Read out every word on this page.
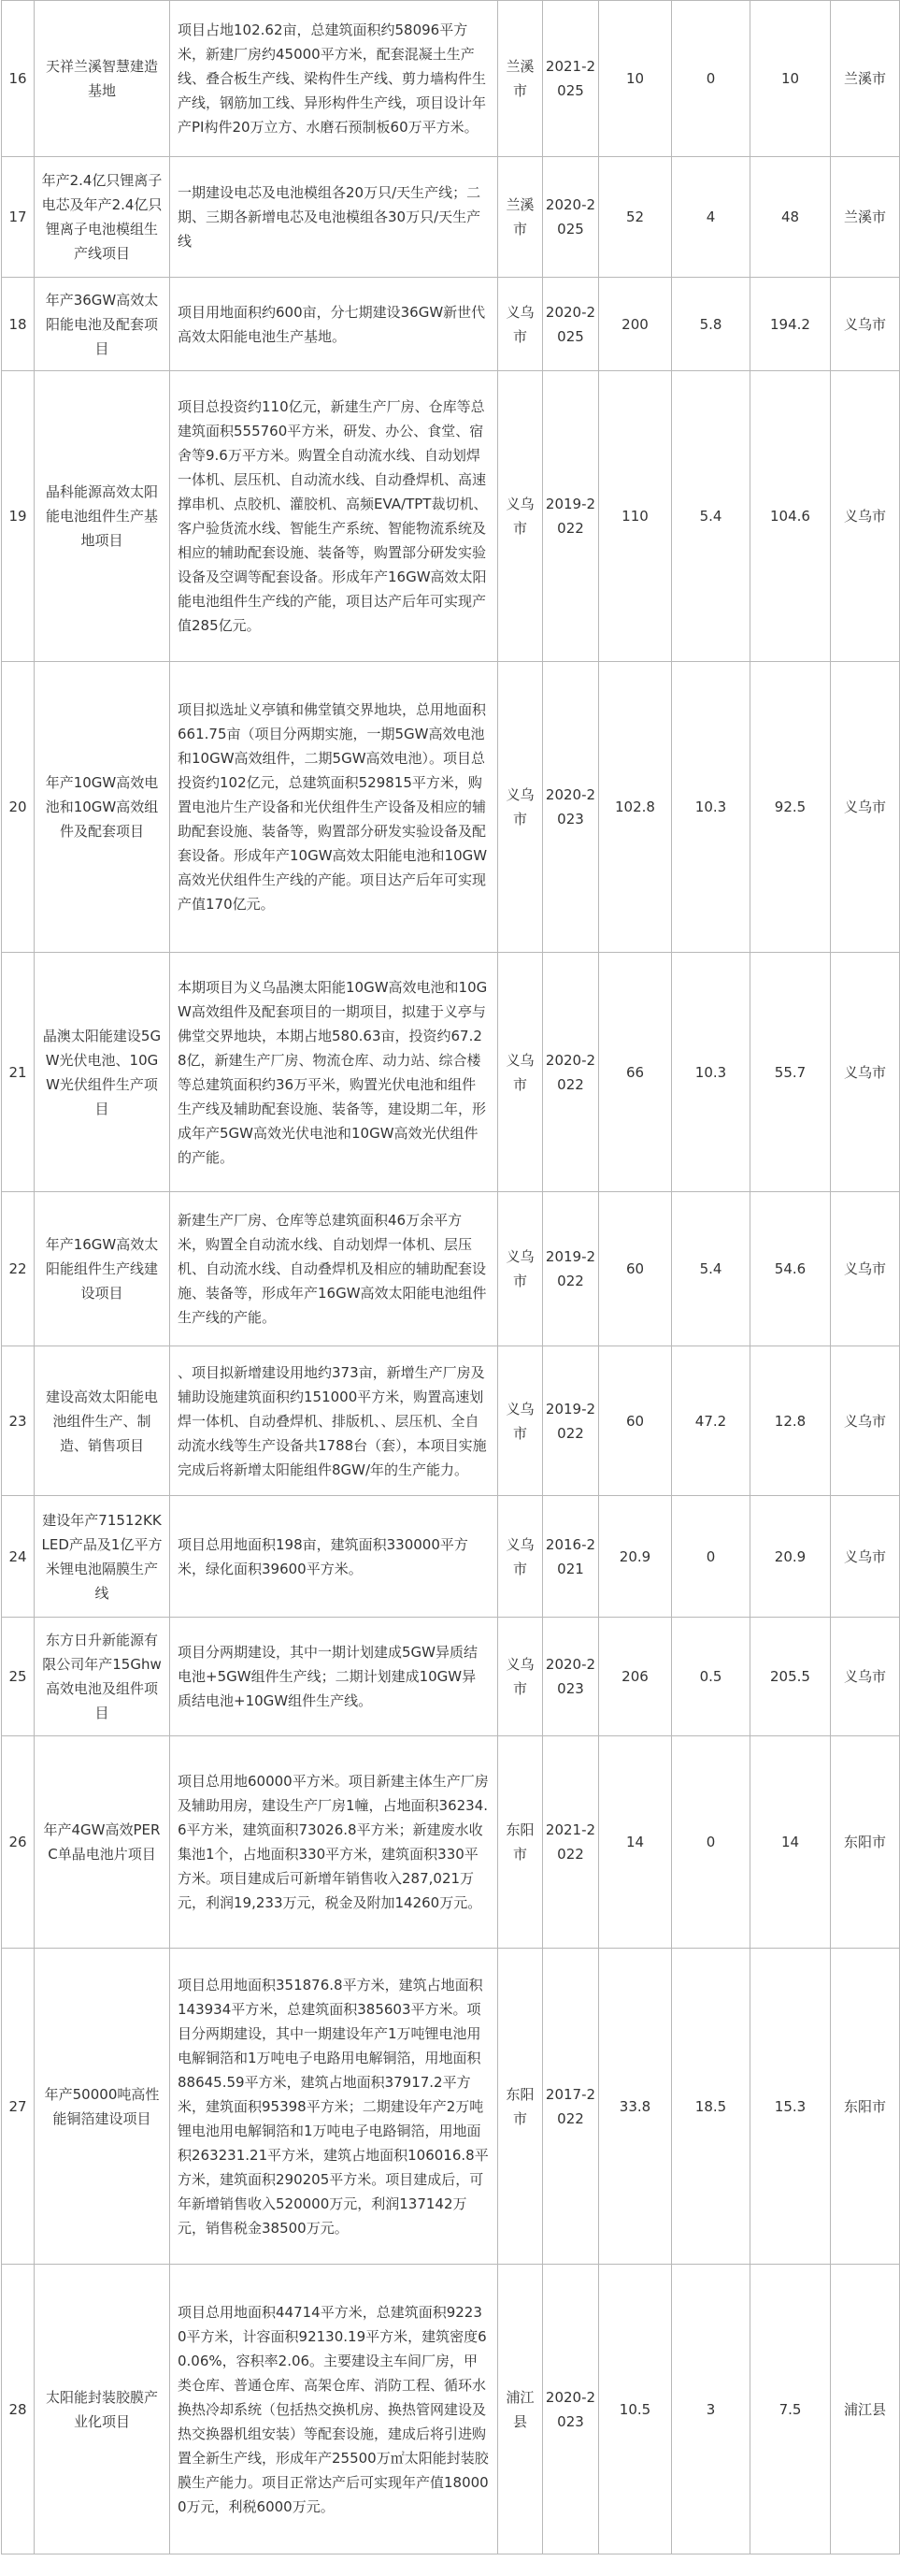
16	天祥兰溪智慧建造基地	项目占地102.62亩，总建筑面积约58096平方米，新建厂房约45000平方米，配套混凝土生产线、叠合板生产线、梁构件生产线、剪力墙构件生产线，钢筋加工线、异形构件生产线，项目设计年产PI构件20万立方、水磨石预制板60万平方米。	兰溪市	2021-2025	10	0	10	兰溪市
17	年产2.4亿只锂离子电芯及年产2.4亿只锂离子电池模组生产线项目	一期建设电芯及电池模组各20万只/天生产线；二期、三期各新增电芯及电池模组各30万只/天生产线	兰溪市	2020-2025	52	4	48	兰溪市
18	年产36GW高效太阳能电池及配套项目	项目用地面积约600亩，分七期建设36GW新世代高效太阳能电池生产基地。	义乌市	2020-2025	200	5.8	194.2	义乌市
19	晶科能源高效太阳能电池组件生产基地项目	项目总投资约110亿元，新建生产厂房、仓库等总建筑面积555760平方米，研发、办公、食堂、宿舍等9.6万平方米。购置全自动流水线、自动划焊一体机、层压机、自动流水线、自动叠焊机、高速撑串机、点胶机、灌胶机、高频EVA/TPT裁切机、客户验货流水线、智能生产系统、智能物流系统及相应的辅助配套设施、装备等，购置部分研发实验设备及空调等配套设备。形成年产16GW高效太阳能电池组件生产线的产能，项目达产后年可实现产值285亿元。	义乌市	2019-2022	110	5.4	104.6	义乌市
20	年产10GW高效电池和10GW高效组件及配套项目	项目拟选址义亭镇和佛堂镇交界地块，总用地面积661.75亩（项目分两期实施，一期5GW高效电池和10GW高效组件，二期5GW高效电池）。项目总投资约102亿元，总建筑面积529815平方米，购置电池片生产设备和光伏组件生产设备及相应的辅助配套设施、装备等，购置部分研发实验设备及配套设备。形成年产10GW高效太阳能电池和10GW高效光伏组件生产线的产能。项目达产后年可实现产值170亿元。	义乌市	2020-2023	102.8	10.3	92.5	义乌市
21	晶澳太阳能建设5GW光伏电池、10GW光伏组件生产项目	本期项目为义乌晶澳太阳能10GW高效电池和10GW高效组件及配套项目的一期项目，拟建于义亭与佛堂交界地块，本期占地580.63亩，投资约67.28亿，新建生产厂房、物流仓库、动力站、综合楼等总建筑面积约36万平米，购置光伏电池和组件生产线及辅助配套设施、装备等，建设期二年，形成年产5GW高效光伏电池和10GW高效光伏组件的产能。	义乌市	2020-2022	66	10.3	55.7	义乌市
22	年产16GW高效太阳能组件生产线建设项目	新建生产厂房、仓库等总建筑面积46万余平方米，购置全自动流水线、自动划焊一体机、层压机、自动流水线、自动叠焊机及相应的辅助配套设施、装备等，形成年产16GW高效太阳能电池组件生产线的产能。	义乌市	2019-2022	60	5.4	54.6	义乌市
23	建设高效太阳能电池组件生产、制造、销售项目	、项目拟新增建设用地约373亩，新增生产厂房及辅助设施建筑面积约151000平方米，购置高速划焊一体机、自动叠焊机、排版机、、层压机、全自动流水线等生产设备共1788台（套），本项目实施完成后将新增太阳能组件8GW/年的生产能力。	义乌市	2019-2022	60	47.2	12.8	义乌市
24	建设年产71512KKLED产品及1亿平方米锂电池隔膜生产线	项目总用地面积198亩，建筑面积330000平方米，绿化面积39600平方米。	义乌市	2016-2021	20.9	0	20.9	义乌市
25	东方日升新能源有限公司年产15Ghw高效电池及组件项目	项目分两期建设，其中一期计划建成5GW异质结电池+5GW组件生产线；二期计划建成10GW异质结电池+10GW组件生产线。	义乌市	2020-2023	206	0.5	205.5	义乌市
26	年产4GW高效PERC单晶电池片项目	项目总用地60000平方米。项目新建主体生产厂房及辅助用房，建设生产厂房1幢，占地面积36234.6平方米，建筑面积73026.8平方米；新建废水收集池1个，占地面积330平方米，建筑面积330平方米。项目建成后可新增年销售收入287,021万元，利润19,233万元，税金及附加14260万元。	东阳市	2021-2022	14	0	14	东阳市
27	年产50000吨高性能铜箔建设项目	项目总用地面积351876.8平方米，建筑占地面积143934平方米，总建筑面积385603平方米。项目分两期建设，其中一期建设年产1万吨锂电池用电解铜箔和1万吨电子电路用电解铜箔，用地面积88645.59平方米，建筑占地面积37917.2平方米，建筑面积95398平方米；二期建设年产2万吨锂电池用电解铜箔和1万吨电子电路铜箔，用地面积263231.21平方米，建筑占地面积106016.8平方米，建筑面积290205平方米。项目建成后，可年新增销售收入520000万元，利润137142万元，销售税金38500万元。	东阳市	2017-2022	33.8	18.5	15.3	东阳市
28	太阳能封装胶膜产业化项目	项目总用地面积44714平方米，总建筑面积92230平方米，计容面积92130.19平方米，建筑密度60.06%，容积率2.06。主要建设主车间厂房，甲类仓库、普通仓库、高架仓库、消防工程、循环水换热冷却系统（包括热交换机房、换热管网建设及热交换器机组安装）等配套设施，建成后将引进购置全新生产线，形成年产25500万㎡太阳能封装胶膜生产能力。项目正常达产后可实现年产值180000万元，利税6000万元。	浦江县	2020-2023	10.5	3	7.5	浦江县
